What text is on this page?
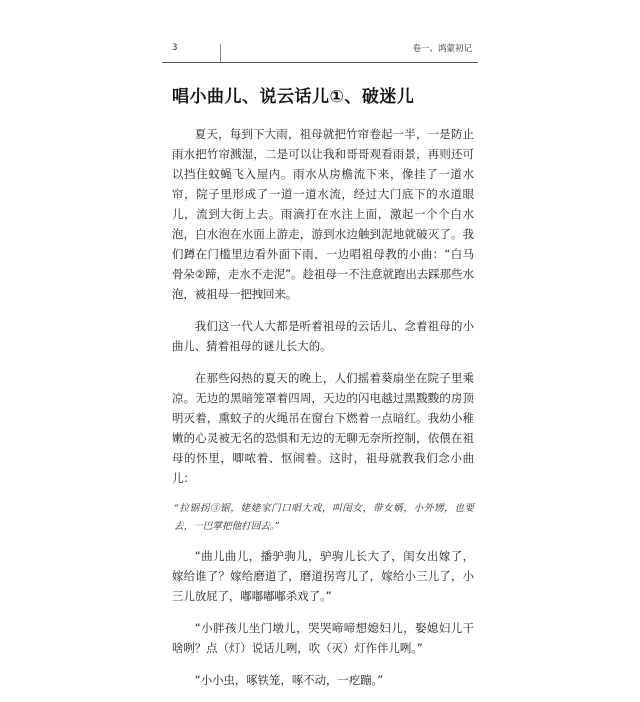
3	卷一、鸿蒙初记
唱小曲儿、说云话儿①、破迷儿

夏天，每到下大雨，祖母就把竹帘卷起一半，一是防止雨水把竹帘溅湿，二是可以让我和哥哥观看雨景，再则还可以挡住蚊蝇飞入屋内。雨水从房檐流下来，像挂了一道水帘，院子里形成了一道一道水流，经过大门底下的水道眼儿，流到大街上去。雨滴打在水注上面，激起一个个白水泡，白水泡在水面上游走，游到水边触到泥地就破灭了。我们蹲在门槛里边看外面下雨，一边唱祖母教的小曲：“白马骨朵②蹄，走水不走泥”。趁祖母一不注意就跑出去踩那些水泡，被祖母一把拽回来。

我们这一代人大都是听着祖母的云话儿、念着祖母的小曲儿、猜着祖母的谜儿长大的。

在那些闷热的夏天的晚上，人们摇着葵扇坐在院子里乘凉。无边的黑暗笼罩着四周，天边的闪电越过黑黢黢的房顶明灭着，熏蚊子的火绳吊在窗台下燃着一点暗红。我幼小稚嫩的心灵被无名的恐惧和无边的无聊无奈所控制，依偎在祖母的怀里，唧哝着、怄闹着。这时，祖母就教我们念小曲儿：

“拉锯拐③锯，姥姥家门口唱大戏，叫闺女，带女婿，小外甥，也要去，一巴掌把他打回去。”

“曲儿曲儿，播驴驹儿，驴驹儿长大了，闺女出嫁了，嫁给谁了？嫁给磨道了，磨道拐弯儿了，嫁给小三儿了，小三儿放屁了，嘟嘟嘟嘟杀戏了。”

“小胖孩儿坐门墩儿，哭哭啼啼想媳妇儿，娶媳妇儿干啥咧？点（灯）说话儿咧，吹（灭）灯作伴儿咧。”

“小小虫，啄铁笼，啄不动，一疙蹦。”
